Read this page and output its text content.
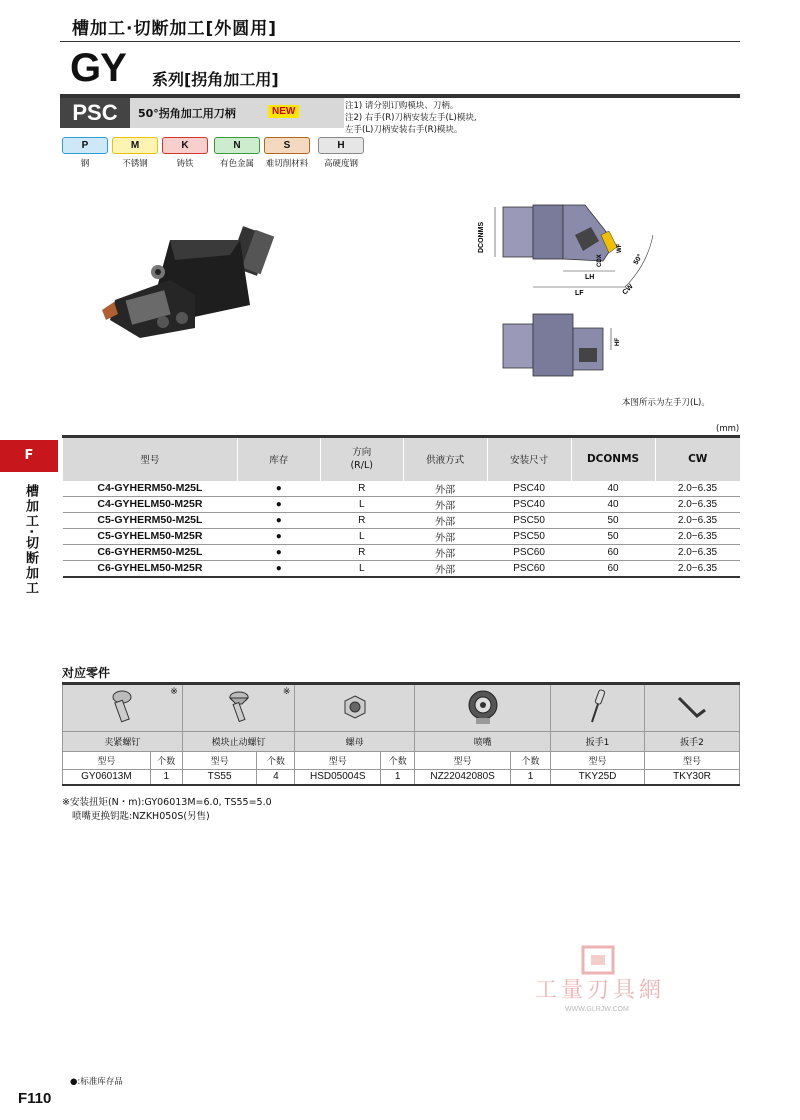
槽加工·切断加工[外圆用]
GY 系列[拐角加工用]
PSC	50°拐角加工用刀柄	NEW	注1) 请分别订购模块、刀柄。
注2) 右手(R)刀柄安装左手(L)模块,
左手(L)刀柄安装右手(R)模块。
P
钢
M
不锈钢
K
铸铁
N
有色金属
S
难切削材料
H
高硬度钢
DCONMS
LF
LH
WF
CDX	50°
CW
HF
本图所示为左手刀(L)。
F
槽加工·切断加工
(mm)
型号	库存	方向 (R/L)	供液方式	安装尺寸	DCONMS	CW
C4-GYHERM50-M25L	●	R	外部	PSC40	40	2.0−6.35
C4-GYHELM50-M25R	●	L	外部	PSC40	40	2.0−6.35
C5-GYHERM50-M25L	●	R	外部	PSC50	50	2.0−6.35
C5-GYHELM50-M25R	●	L	外部	PSC50	50	2.0−6.35
C6-GYHERM50-M25L	●	R	外部	PSC60	60	2.0−6.35
C6-GYHELM50-M25R	●	L	外部	PSC60	60	2.0−6.35
对应零件
※		※

夹紧螺钉		模块止动螺钉		螺母		喷嘴		扳手1	扳手2
型号	个数	型号	个数	型号	个数	型号	个数	型号	型号
GY06013M	1	TS55	4	HSD05004S	1	NZ22042080S	1	TKY25D	TKY30R
※安装扭矩(N・m):GY06013M=6.0, TS55=5.0
喷嘴更换钥匙:NZKH050S(另售)
工量刃具網
WWW.GLRJW.COM
●:标准库存品
F110
